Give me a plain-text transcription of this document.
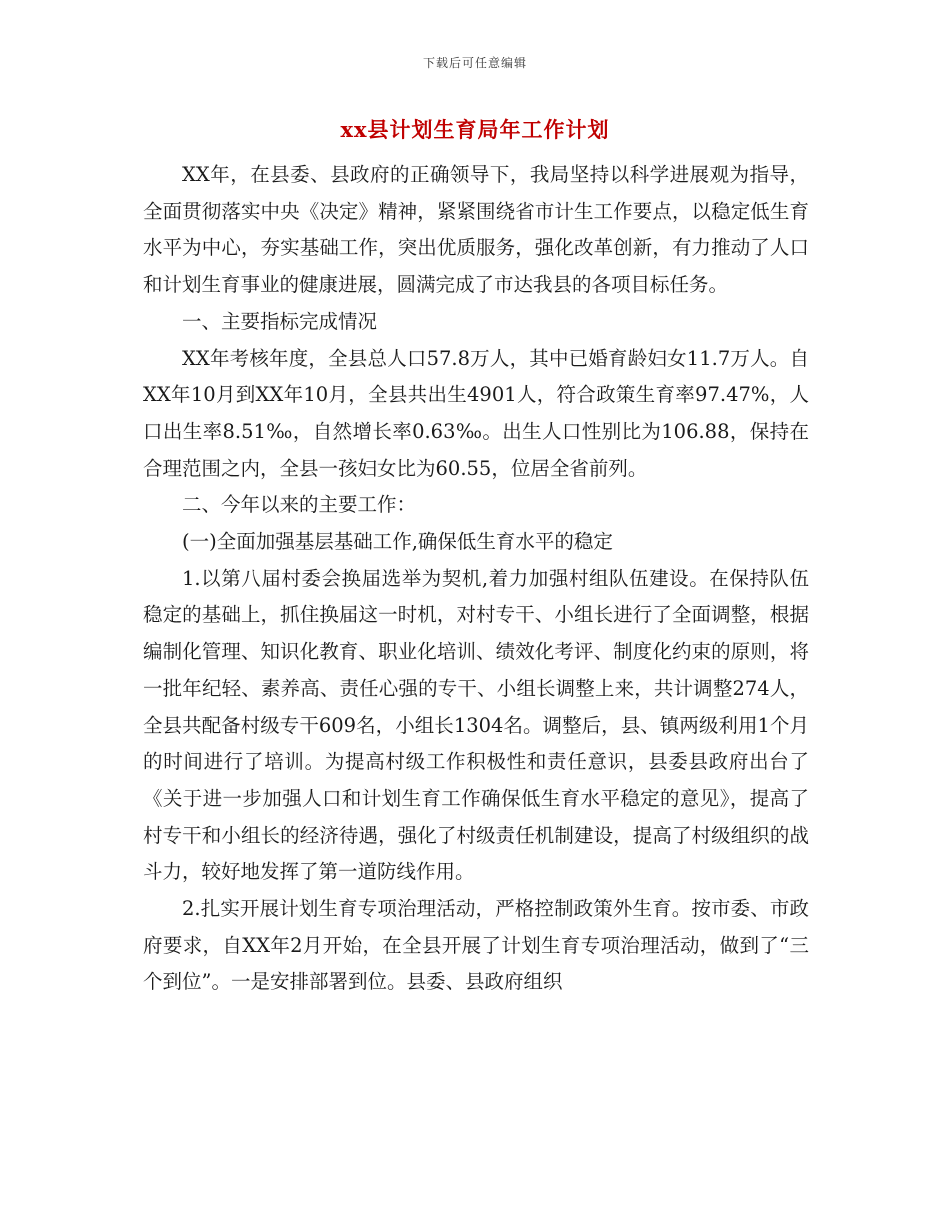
下载后可任意编辑
xx县计划生育局年工作计划

XX年，在县委、县政府的正确领导下，我局坚持以科学进展观为指导，全面贯彻落实中央《决定》精神，紧紧围绕省市计生工作要点，以稳定低生育水平为中心，夯实基础工作，突出优质服务，强化改革创新，有力推动了人口和计划生育事业的健康进展，圆满完成了市达我县的各项目标任务。

一、主要指标完成情况

XX年考核年度，全县总人口57.8万人，其中已婚育龄妇女11.7万人。自XX年10月到XX年10月，全县共出生4901人，符合政策生育率97.47%，人口出生率8.51‰，自然增长率0.63‰。出生人口性别比为106.88，保持在合理范围之内，全县一孩妇女比为60.55，位居全省前列。

二、今年以来的主要工作：

(一)全面加强基层基础工作,确保低生育水平的稳定

1.以第八届村委会换届选举为契机,着力加强村组队伍建设。在保持队伍稳定的基础上，抓住换届这一时机，对村专干、小组长进行了全面调整，根据编制化管理、知识化教育、职业化培训、绩效化考评、制度化约束的原则，将一批年纪轻、素养高、责任心强的专干、小组长调整上来，共计调整274人，全县共配备村级专干609名，小组长1304名。调整后，县、镇两级利用1个月的时间进行了培训。为提高村级工作积极性和责任意识，县委县政府出台了《关于进一步加强人口和计划生育工作确保低生育水平稳定的意见》，提高了村专干和小组长的经济待遇，强化了村级责任机制建设，提高了村级组织的战斗力，较好地发挥了第一道防线作用。

2.扎实开展计划生育专项治理活动，严格控制政策外生育。按市委、市政府要求，自XX年2月开始，在全县开展了计划生育专项治理活动，做到了“三个到位”。一是安排部署到位。县委、县政府组织
